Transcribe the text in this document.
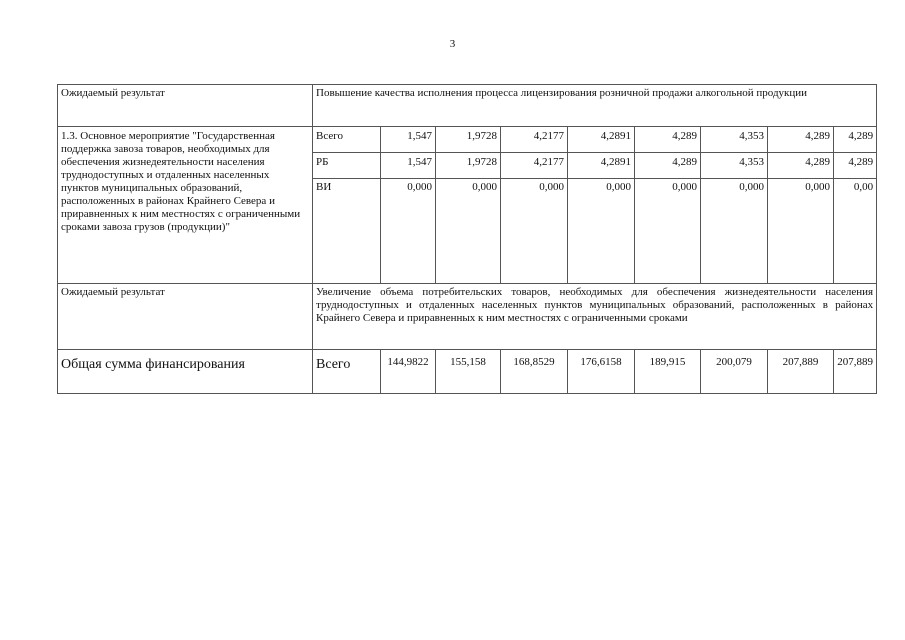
3
Ожидаемый результат	Повышение качества исполнения процесса лицензирования розничной продажи алкогольной продукции								
1.3. Основное мероприятие "Государственная поддержка завоза товаров, необходимых для обеспечения жизнедеятельности населения труднодоступных и отдаленных населенных пунктов муниципальных образований, расположенных в районах Крайнего Севера и приравненных к ним местностях с ограниченными сроками завоза грузов (продукции)"	Всего	1,547	1,9728	4,2177	4,2891	4,289	4,353	4,289	4,289
	РБ	1,547	1,9728	4,2177	4,2891	4,289	4,353	4,289	4,289
	ВИ	0,000	0,000	0,000	0,000	0,000	0,000	0,000	0,00
Ожидаемый результат	Увеличение объема потребительских товаров, необходимых для обеспечения жизнедеятельности населения труднодоступных и отдаленных населенных пунктов муниципальных образований, расположенных в районах Крайнего Севера и приравненных к ним местностях с ограниченными сроками								
Общая сумма финансирования	Всего	144,9822	155,158	168,8529	176,6158	189,915	200,079	207,889	207,889
